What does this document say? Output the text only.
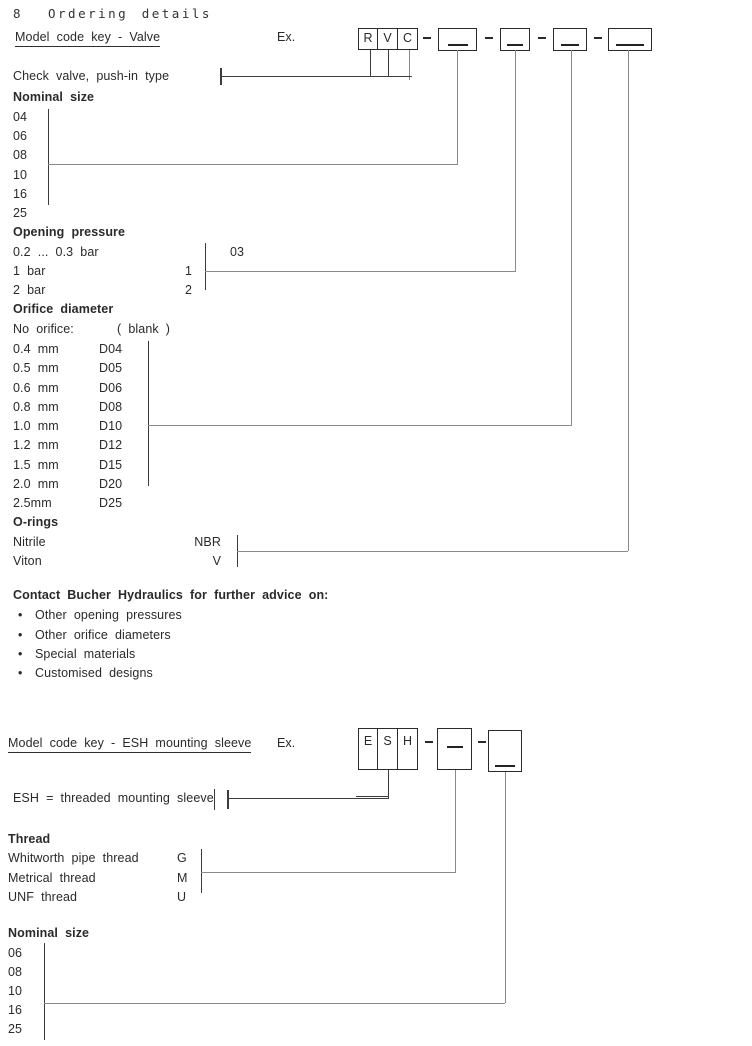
8 Ordering details
Model code key - Valve	Ex.	R V C
Check valve, push-in type
Nominal size
04
06
08
10
16
25
Opening pressure
0.2 ... 0.3 bar	03
1 bar	1
2 bar	2
Orifice diameter
No orifice:	( blank )
0.4 mm	D04
0.5 mm	D05
0.6 mm	D06
0.8 mm	D08
1.0 mm	D10
1.2 mm	D12
1.5 mm	D15
2.0 mm	D20
2.5mm	D25
O-rings
Nitrile	NBR
Viton	V
Contact Bucher Hydraulics for further advice on:
• Other opening pressures
• Other orifice diameters
• Special materials
• Customised designs
Model code key - ESH mounting sleeve Ex.	E S H
ESH = threaded mounting sleeve
Thread
Whitworth pipe thread	G
Metrical thread	M
UNF thread	U
Nominal size
06
08
10
16
25
